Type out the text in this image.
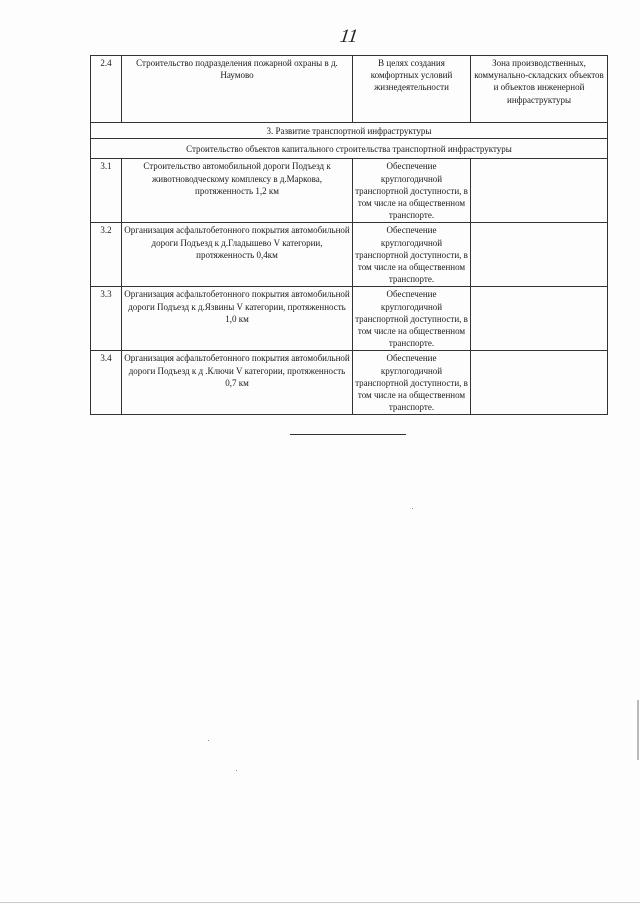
11
2.4	Строительство подразделения пожарной охраны в д. Наумово	В целях создания комфортных условий жизнедеятельности	Зона производственных, коммунально-складских объектов и объектов инженерной инфраструктуры
3. Развитие транспортной инфраструктуры			
Строительство объектов капитального строительства транспортной инфраструктуры			
3.1	Строительство автомобильной дороги Подъезд к животноводческому комплексу в д.Маркова, протяженность 1,2 км	Обеспечение круглогодичной транспортной доступности, в том числе на общественном транспорте.	
3.2	Организация асфальтобетонного покрытия автомобильной дороги Подъезд к д.Гладышево V категории, протяженность 0,4км	Обеспечение круглогодичной транспортной доступности, в том числе на общественном транспорте.	
3.3	Организация асфальтобетонного покрытия автомобильной дороги Подъезд к д.Язвины V категории, протяженность 1,0 км	Обеспечение круглогодичной транспортной доступности, в том числе на общественном транспорте.	
3.4	Организация асфальтобетонного покрытия автомобильной дороги Подъезд к д .Ключи V категории, протяженность 0,7 км	Обеспечение круглогодичной транспортной доступности, в том числе на общественном транспорте.	
